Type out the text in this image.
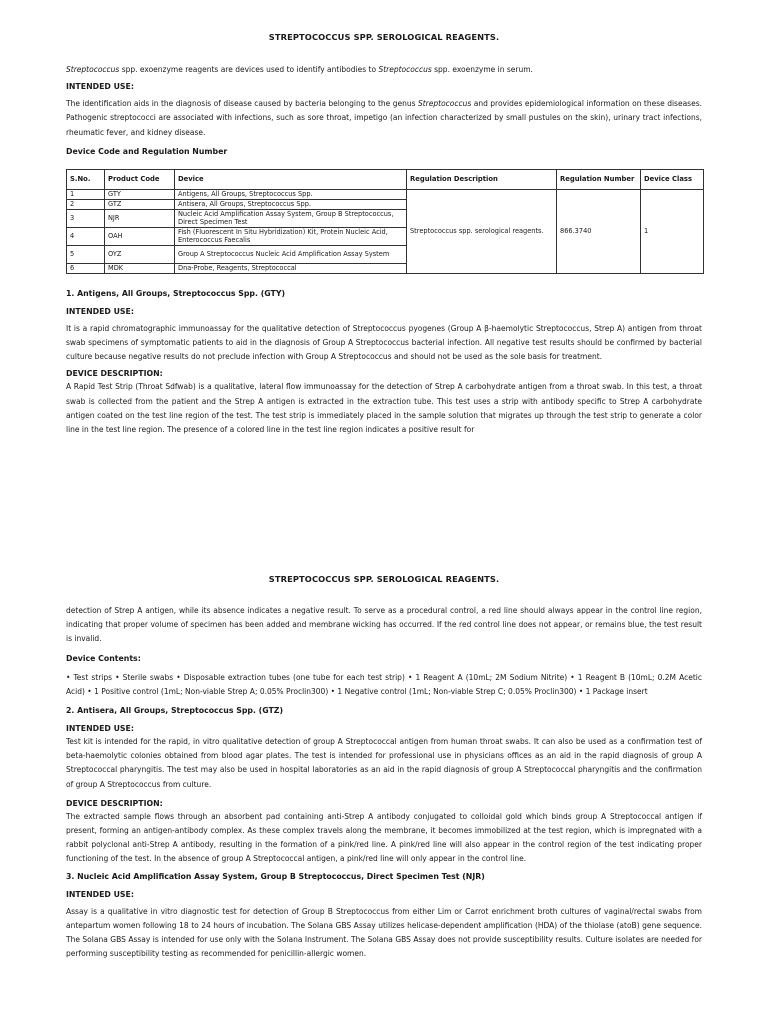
STREPTOCOCCUS SPP. SEROLOGICAL REAGENTS.

Streptococcus spp. exoenzyme reagents are devices used to identify antibodies to Streptococcus spp. exoenzyme in serum.

INTENDED USE:

The identification aids in the diagnosis of disease caused by bacteria belonging to the genus Streptococcus and provides epidemiological information on these diseases. Pathogenic streptococci are associated with infections, such as sore throat, impetigo (an infection characterized by small pustules on the skin), urinary tract infections, rheumatic fever, and kidney disease.

Device Code and Regulation Number

S.No.	Product Code	Device	Regulation Description	Regulation Number	Device Class
1	GTY	Antigens, All Groups, Streptococcus Spp.	Streptococcus spp. serological reagents.	866.3740	1
2	GTZ	Antisera, All Groups, Streptococcus Spp.			
3	NJR	Nucleic Acid Amplification Assay System, Group B Streptococcus, Direct Specimen Test			
4	OAH	Fish (Fluorescent In Situ Hybridization) Kit, Protein Nucleic Acid, Enterococcus Faecalis			
5	OYZ	Group A Streptococcus Nucleic Acid Amplification Assay System			
6	MDK	Dna-Probe, Reagents, Streptococcal			

1. Antigens, All Groups, Streptococcus Spp. (GTY)

INTENDED USE:

It is a rapid chromatographic immunoassay for the qualitative detection of Streptococcus pyogenes (Group A β-haemolytic Streptococcus, Strep A) antigen from throat swab specimens of symptomatic patients to aid in the diagnosis of Group A Streptococcus bacterial infection. All negative test results should be confirmed by bacterial culture because negative results do not preclude infection with Group A Streptococcus and should not be used as the sole basis for treatment.

DEVICE DESCRIPTION:

A Rapid Test Strip (Throat Sdfwab) is a qualitative, lateral flow immunoassay for the detection of Strep A carbohydrate antigen from a throat swab. In this test, a throat swab is collected from the patient and the Strep A antigen is extracted in the extraction tube. This test uses a strip with antibody specific to Strep A carbohydrate antigen coated on the test line region of the test. The test strip is immediately placed in the sample solution that migrates up through the test strip to generate a color line in the test line region. The presence of a colored line in the test line region indicates a positive result for

STREPTOCOCCUS SPP. SEROLOGICAL REAGENTS.

detection of Strep A antigen, while its absence indicates a negative result. To serve as a procedural control, a red line should always appear in the control line region, indicating that proper volume of specimen has been added and membrane wicking has occurred. If the red control line does not appear, or remains blue, the test result is invalid.

Device Contents:

• Test strips • Sterile swabs • Disposable extraction tubes (one tube for each test strip) • 1 Reagent A (10mL; 2M Sodium Nitrite) • 1 Reagent B (10mL; 0.2M Acetic Acid) • 1 Positive control (1mL; Non-viable Strep A; 0.05% Proclin300) • 1 Negative control (1mL; Non-viable Strep C; 0.05% Proclin300) • 1 Package insert

2. Antisera, All Groups, Streptococcus Spp. (GTZ)

INTENDED USE:

Test kit is intended for the rapid, in vitro qualitative detection of group A Streptococcal antigen from human throat swabs. It can also be used as a confirmation test of beta-haemolytic colonies obtained from blood agar plates. The test is intended for professional use in physicians offices as an aid in the rapid diagnosis of group A Streptococcal pharyngitis. The test may also be used in hospital laboratories as an aid in the rapid diagnosis of group A Streptococcal pharyngitis and the confirmation of group A Streptococcus from culture.

DEVICE DESCRIPTION:

The extracted sample flows through an absorbent pad containing anti-Strep A antibody conjugated to colloidal gold which binds group A Streptococcal antigen if present, forming an antigen-antibody complex. As these complex travels along the membrane, it becomes immobilized at the test region, which is impregnated with a rabbit polyclonal anti-Strep A antibody, resulting in the formation of a pink/red line. A pink/red line will also appear in the control region of the test indicating proper functioning of the test. In the absence of group A Streptococcal antigen, a pink/red line will only appear in the control line.

3. Nucleic Acid Amplification Assay System, Group B Streptococcus, Direct Specimen Test (NJR)

INTENDED USE:

Assay is a qualitative in vitro diagnostic test for detection of Group B Streptococcus from either Lim or Carrot enrichment broth cultures of vaginal/rectal swabs from antepartum women following 18 to 24 hours of incubation. The Solana GBS Assay utilizes helicase-dependent amplification (HDA) of the thiolase (atoB) gene sequence. The Solana GBS Assay is intended for use only with the Solana Instrument. The Solana GBS Assay does not provide susceptibility results. Culture isolates are needed for performing susceptibility testing as recommended for penicillin-allergic women.
